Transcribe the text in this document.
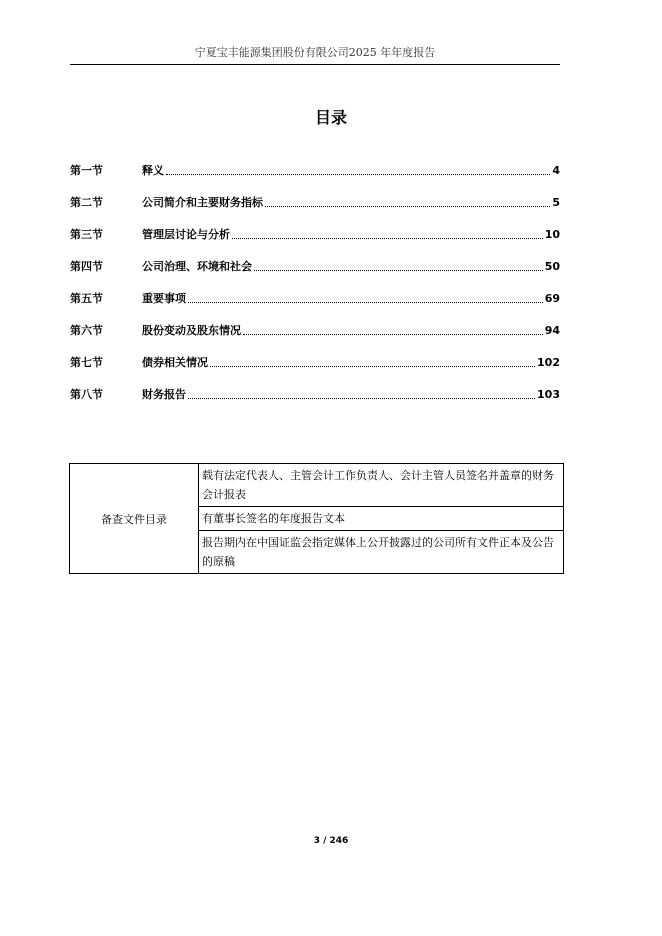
宁夏宝丰能源集团股份有限公司2025 年年度报告
目录
第一节	释义	4
第二节	公司简介和主要财务指标	5
第三节	管理层讨论与分析	10
第四节	公司治理、环境和社会	50
第五节	重要事项	69
第六节	股份变动及股东情况	94
第七节	债券相关情况	102
第八节	财务报告	103
备查文件目录	载有法定代表人、主管会计工作负责人、会计主管人员签名并盖章的财务会计报表
有董事长签名的年度报告文本
报告期内在中国证监会指定媒体上公开披露过的公司所有文件正本及公告的原稿
3 / 246
